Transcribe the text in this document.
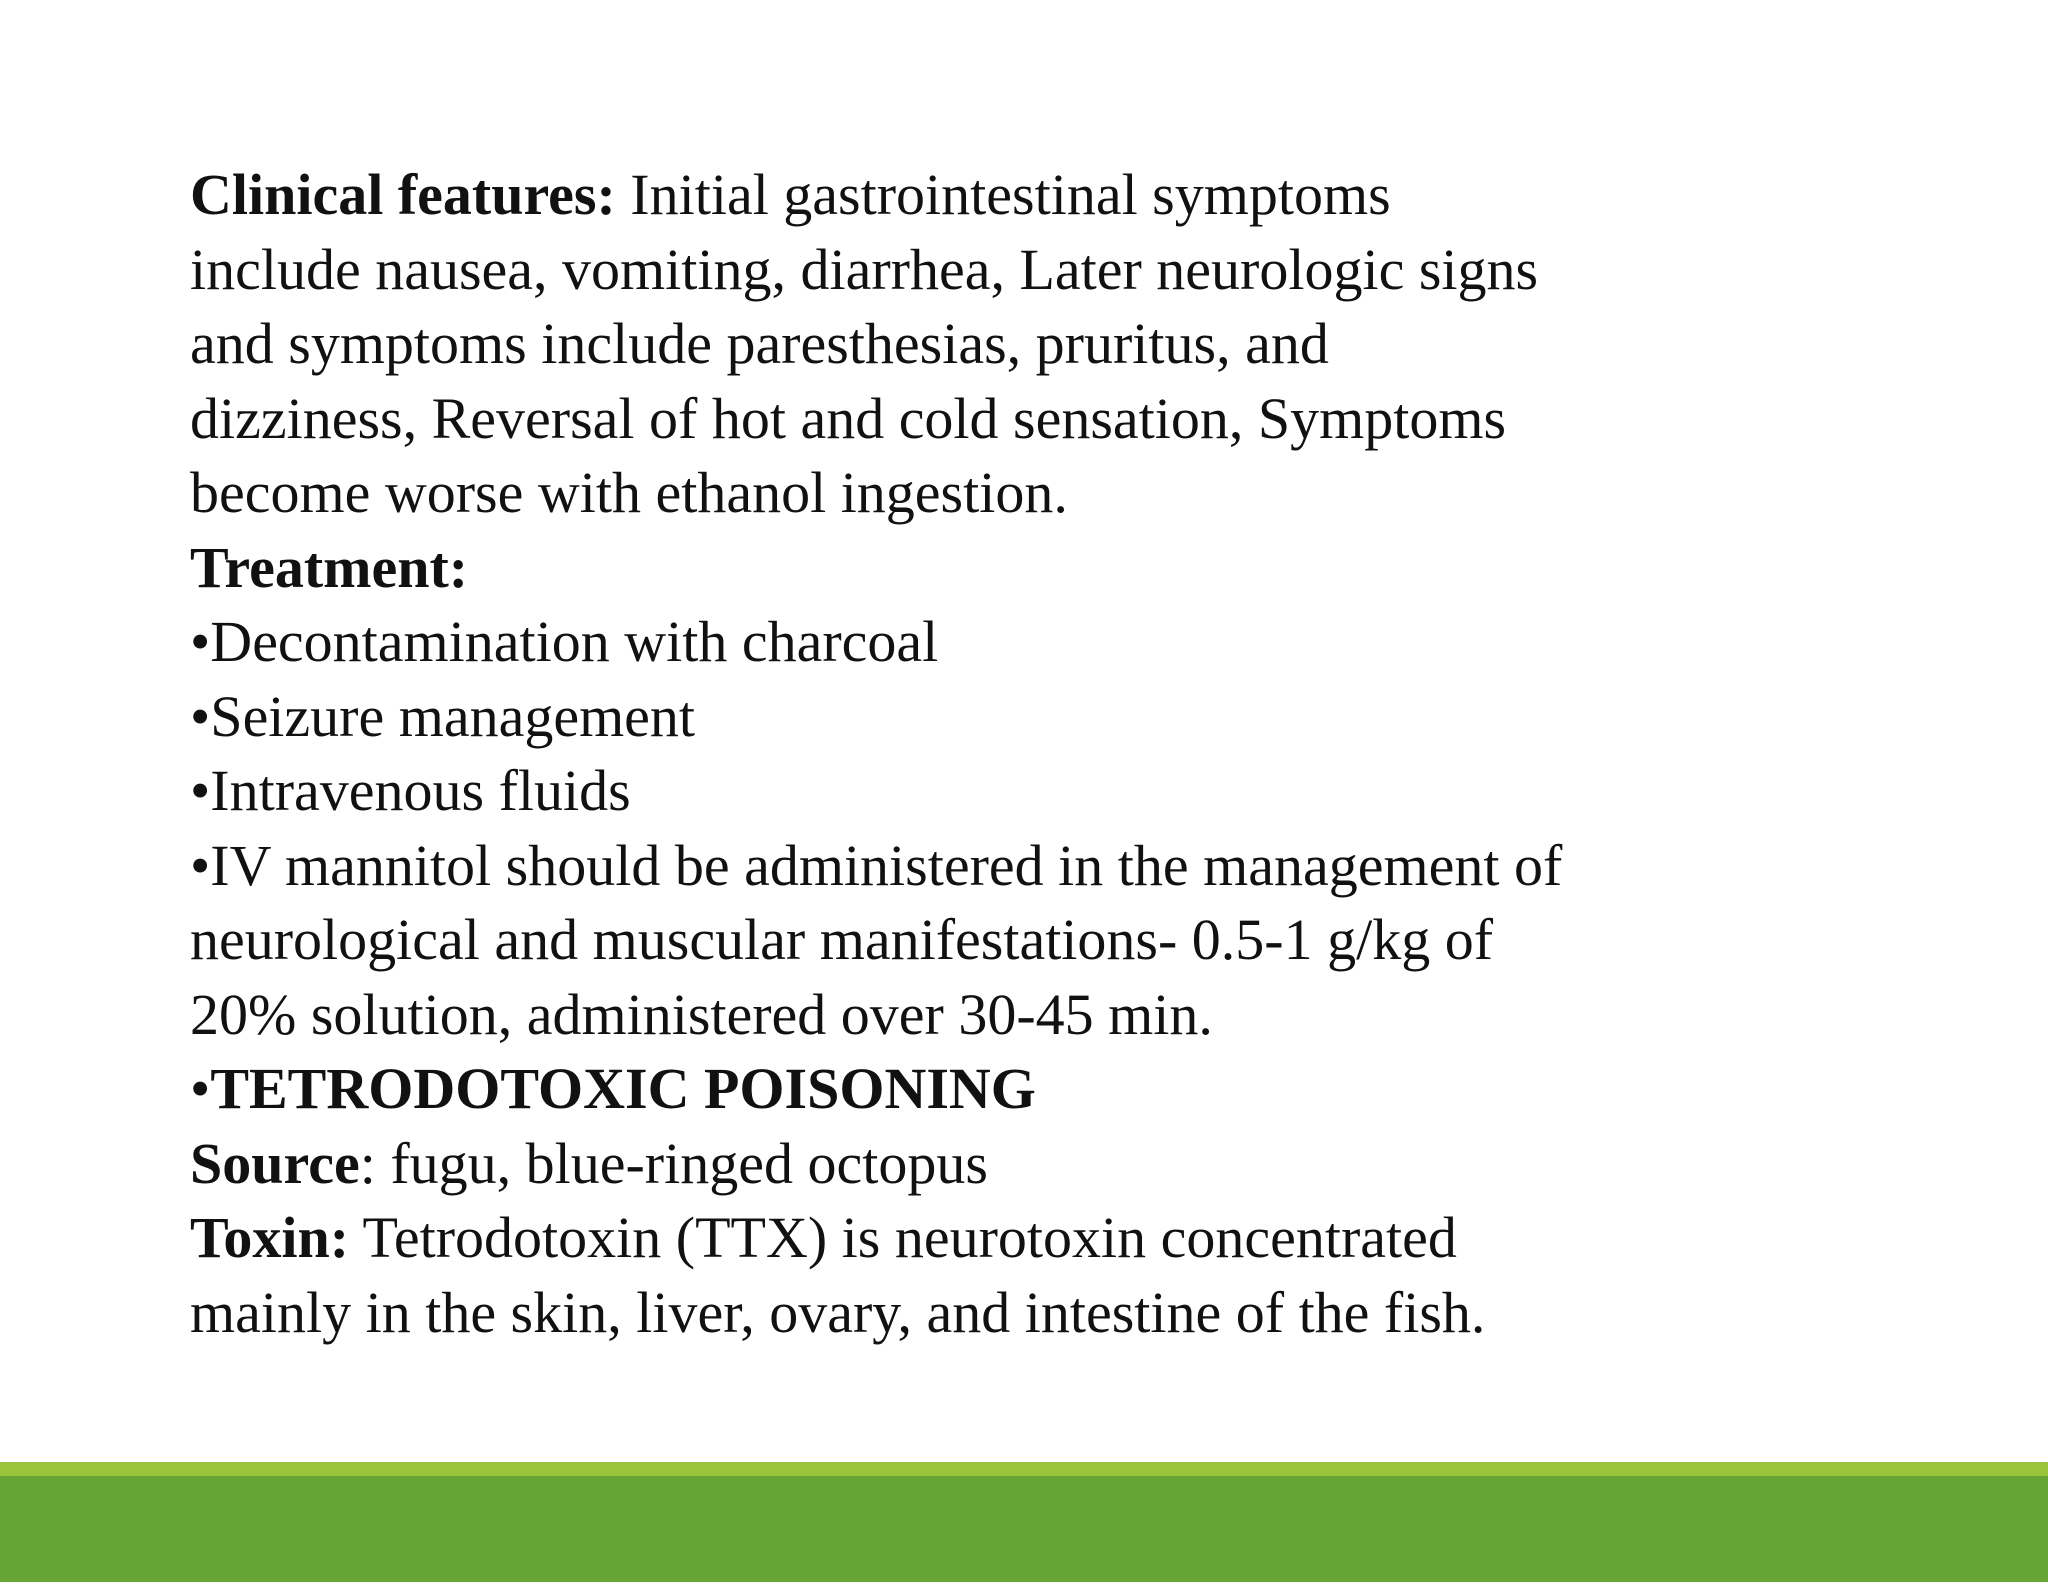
Clinical features: Initial gastrointestinal symptoms
include nausea, vomiting, diarrhea, Later neurologic signs
and symptoms include paresthesias, pruritus, and
dizziness, Reversal of hot and cold sensation, Symptoms
become worse with ethanol ingestion.
Treatment:
•Decontamination with charcoal
•Seizure management
•Intravenous fluids
•IV mannitol should be administered in the management of
neurological and muscular manifestations- 0.5-1 g/kg of
20% solution, administered over 30-45 min.
•TETRODOTOXIC POISONING
Source: fugu, blue-ringed octopus
Toxin: Tetrodotoxin (TTX) is neurotoxin concentrated
mainly in the skin, liver, ovary, and intestine of the fish.
